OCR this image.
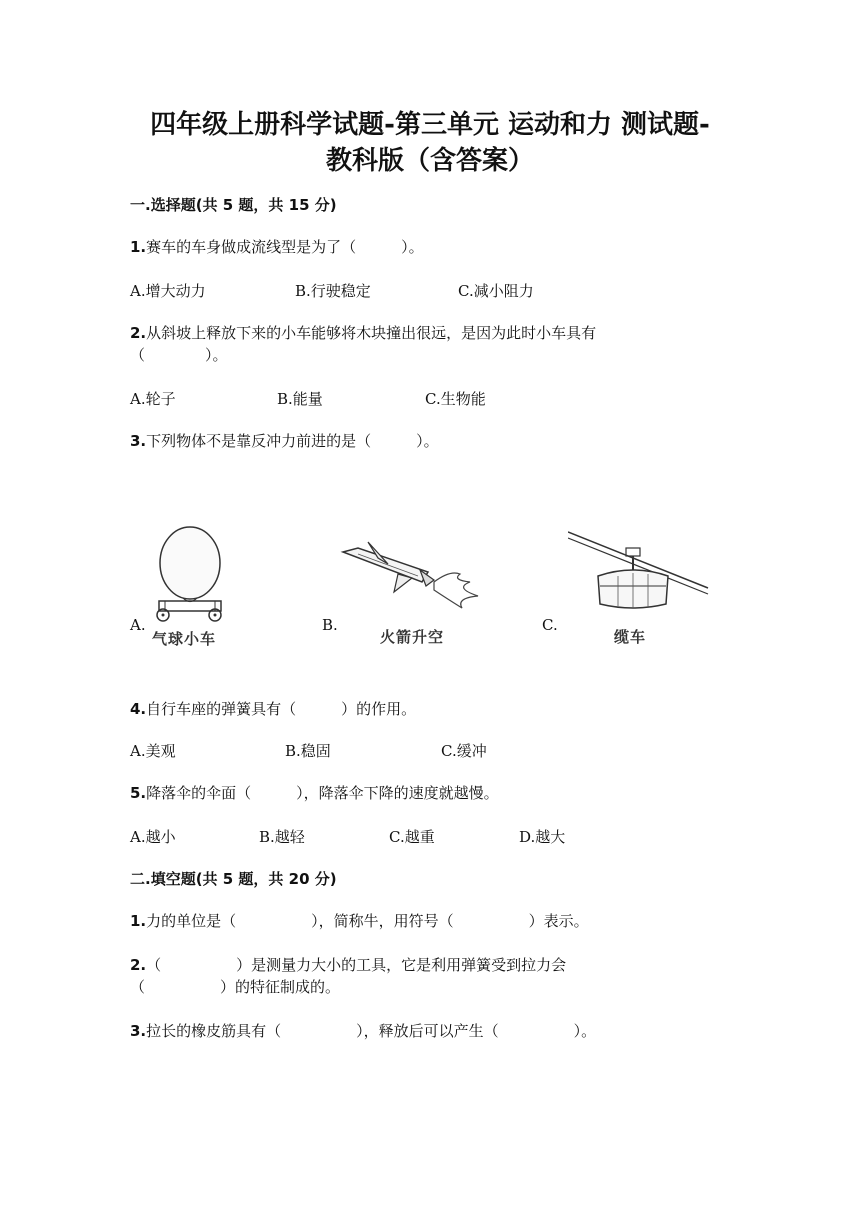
四年级上册科学试题-第三单元 运动和力 测试题-
教科版（含答案）

一.选择题(共 5 题，共 15 分)

1.赛车的车身做成流线型是为了（　　　）。

A.增大动力	B.行驶稳定	C.减小阻力

2.从斜坡上释放下来的小车能够将木块撞出很远，是因为此时小车具有

（　　　　）。

A.轮子	B.能量	C.生物能

3.下列物体不是靠反冲力前进的是（　　　）。

A.
气球小车
B.
火箭升空
C.
缆车

4.自行车座的弹簧具有（　　　）的作用。

A.美观	B.稳固	C.缓冲

5.降落伞的伞面（　　　），降落伞下降的速度就越慢。

A.越小	B.越轻	C.越重	D.越大

二.填空题(共 5 题，共 20 分)

1.力的单位是（　　　　　），简称牛，用符号（　　　　　）表示。

2.（　　　　　）是测量力大小的工具，它是利用弹簧受到拉力会

（　　　　　）的特征制成的。

3.拉长的橡皮筋具有（　　　　　），释放后可以产生（　　　　　）。
